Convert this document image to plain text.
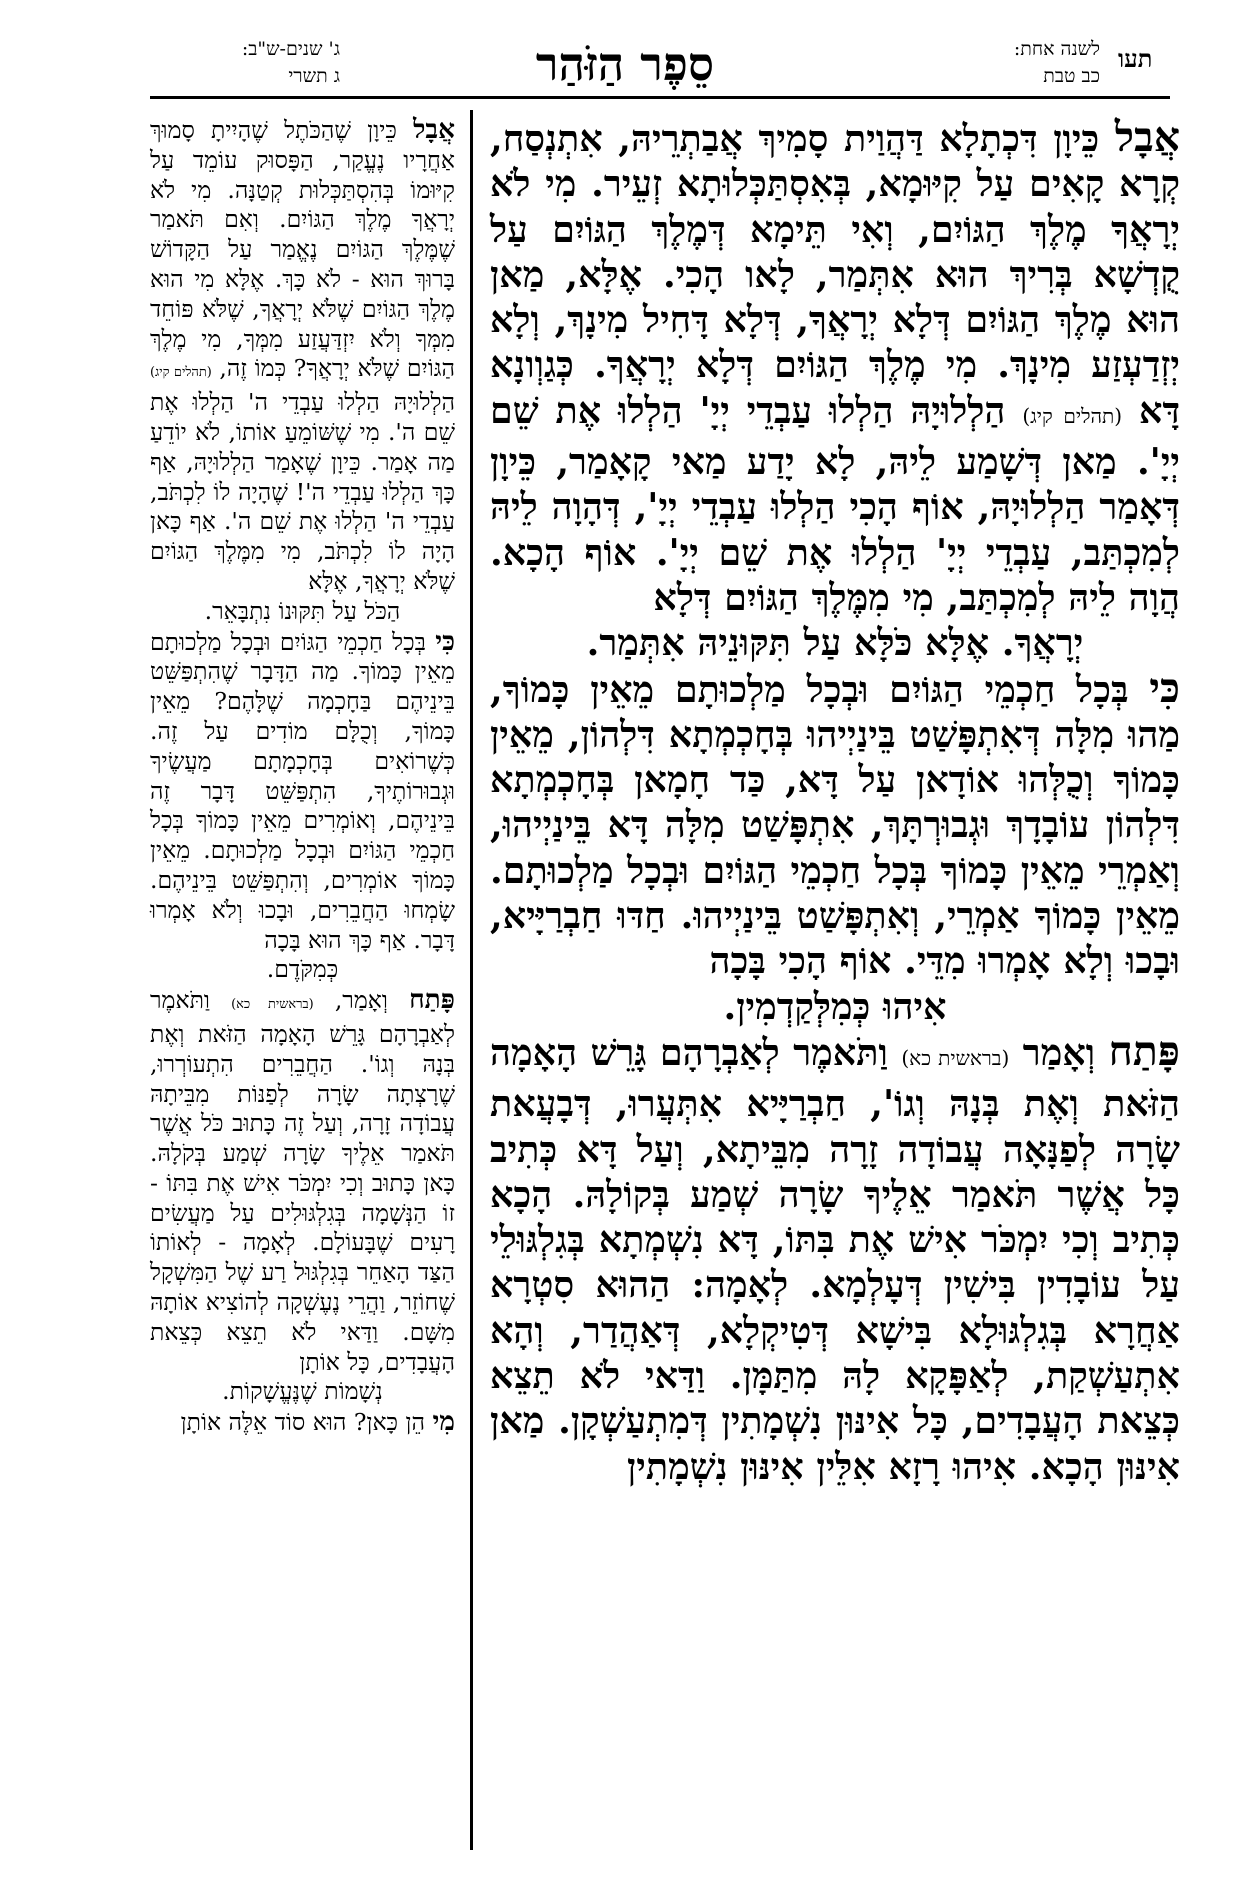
תעו
לשנה אחת:
כב טבת
סֵפֶר הַזֹּהַר
ג' שנים-ש"ב:
ג תשרי

אֲבָל כֵּיוָן דִּכְתָלָא דַּהֲוַית סָמִיךְ אֲבַתְרֵיהּ, אִתְנְסַח, קְרָא קָאִים עַל קִיּוּמָא, בְּאִסְתַּכְּלוּתָא זְעֵיר. מִי לֹא יְרָאֲךָ מֶלֶךְ הַגּוֹיִם, וְאִי תֵּימָא דְּמֶלֶךְ הַגּוֹיִם עַל קֻדְשָׁא בְּרִיךְ הוּא אִתְּמַר, לָאו הָכִי. אֶלָּא, מַאן הוּא מֶלֶךְ הַגּוֹיִם דְּלָא יְרָאֲךָ, דְּלָא דָּחִיל מִינָךְ, וְלָא יְזְדַעְזַע מִינָךְ. מִי מֶלֶךְ הַגּוֹיִם דְּלָא יְרָאֲךָ. כְּגַוְונָא דָּא (תהלים קיג) הַלְלוּיָהּ הַלְלוּ עַבְדֵי יְיָ' הַלְלוּ אֶת שֵׁם יְיָ'. מַאן דְּשָׁמַע לֵיהּ, לָא יָדַע מַאי קָאָמַר, כֵּיוָן דְּאָמַר הַלְלוּיָהּ, אוֹף הָכִי הַלְלוּ עַבְדֵי יְיָ', דְּהָוָה לֵיהּ לְמִכְתַּב, עַבְדֵי יְיָ' הַלְלוּ אֶת שֵׁם יְיָ'. אוֹף הָכָא. הֲוָה לֵיהּ לְמִכְתַּב, מִי מִמֶּלֶךְ הַגּוֹיִם דְּלָא
יְרָאֲךָ. אֶלָּא כֹּלָּא עַל תִּקּוּנֵיהּ אִתְּמַר.

כִּי בְּכָל חַכְמֵי הַגּוֹיִם וּבְכָל מַלְכוּתָם מֵאֵין כָּמוֹךָ, מַהוּ מִלָּה דְּאִתְפָּשַׁט בֵּינַיְיהוּ בְּחָכְמְתָא דִּלְהוֹן, מֵאֵין כָּמוֹךָ וְכֻלְּהוּ אוֹדָאן עַל דָּא, כַּד חָמָאן בְּחָכְמְתָא דִּלְהוֹן עוֹבָדָךְ וּגְבוּרְתָּךְ, אִתְפָּשַׁט מִלָּה דָּא בֵּינַיְיהוּ, וְאַמְרֵי מֵאֵין כָּמוֹךָ בְּכָל חַכְמֵי הַגּוֹיִם וּבְכָל מַלְכוּתָם. מֵאֵין כָּמוֹךָ אַמְרֵי, וְאִתְפָּשַׁט בֵּינַיְיהוּ. חַדּוּ חַבְרַיָּיא, וּבָכוּ וְלָא אָמְרוּ מִדֵּי. אוֹף הָכִי בָּכָה
אִיהוּ כְּמִלְּקַדְמִין.

פָּתַח וְאָמַר (בראשית כא) וַתֹּאמֶר לְאַבְרָהָם גָּרֵשׁ הָאָמָה הַזֹּאת וְאֶת בְּנָהּ וְגוֹ', חַבְרַיָּיא אִתְּעֲרוּ, דְּבָעֲאת שָׂרָה לְפַנָּאָה עֲבוֹדָה זָרָה מִבֵּיתָא, וְעַל דָּא כְּתִיב כָּל אֲשֶׁר תֹּאמַר אֵלֶיךָ שָׂרָה שְׁמַע בְּקוֹלָהּ. הָכָא כְּתִיב וְכִי יִמְכֹּר אִישׁ אֶת בִּתּוֹ, דָּא נִשְׁמְתָא בְּגִלְגּוּלֵי עַל עוֹבָדִין בִּישִׁין דְּעָלְמָא. לְאָמָה: הַהוּא סִטְרָא אַחֲרָא בְּגִלְגּוּלָא בִּישָׁא דְּטִיקְלָא, דְּאַהֲדַר, וְהָא אִתְעַשְׁקַת, לְאַפָּקָא לָהּ מִתַּמָּן. וַדַּאי לֹא תֵצֵא כְּצֵאת הָעֲבָדִים, כָּל אִינּוּן נִשְׁמָתִין דְּמִתְעַשְׁקָן. מַאן אִינּוּן הָכָא. אִיהוּ רָזָא אִלֵּין אִינּוּן נִשְׁמָתִין

אֲבָל כֵּיוָן שֶׁהַכֹּתֶל שֶׁהָיִיתָ סָמוּךְ אַחֲרָיו נֶעֱקַר, הַפָּסוּק עוֹמֵד עַל קִיּוּמוֹ בְּהִסְתַּכְּלוּת קְטַנָּה. מִי לֹא יְרָאֲךָ מֶלֶךְ הַגּוֹיִם. וְאִם תֹּאמַר שֶׁמֶּלֶךְ הַגּוֹיִם נֶאֱמַר עַל הַקָּדוֹשׁ בָּרוּךְ הוּא - לֹא כָּךְ. אֶלָּא מִי הוּא מֶלֶךְ הַגּוֹיִם שֶׁלֹּא יְרָאֲךָ, שֶׁלֹּא פּוֹחֵד מִמְּךָ וְלֹא יִזְדַּעֲזַע מִמְּךָ, מִי מֶלֶךְ הַגּוֹיִם שֶׁלֹּא יְרָאֲךָ? כְּמוֹ זֶה, (תהלים קיג) הַלְלוּיָהּ הַלְלוּ עַבְדֵי ה' הַלְלוּ אֶת שֵׁם ה'. מִי שֶׁשּׁוֹמֵעַ אוֹתוֹ, לֹא יוֹדֵעַ מַה אָמַר. כֵּיוָן שֶׁאָמַר הַלְלוּיָהּ, אַף כָּךְ הַלְלוּ עַבְדֵי ה'! שֶׁהָיָה לוֹ לִכְתֹּב, עַבְדֵי ה' הַלְלוּ אֶת שֵׁם ה'. אַף כָּאן הָיָה לוֹ לִכְתֹּב, מִי מִמֶּלֶךְ הַגּוֹיִם שֶׁלֹּא יְרָאֲךָ, אֶלָּא
הַכֹּל עַל תִּקּוּנוֹ נִתְבָּאֵר.

כִּי בְּכָל חַכְמֵי הַגּוֹיִם וּבְכָל מַלְכוּתָם מֵאֵין כָּמוֹךָ. מַה הַדָּבָר שֶׁהִתְפַּשֵּׁט בֵּינֵיהֶם בַּחָכְמָה שֶׁלָּהֶם? מֵאֵין כָּמוֹךָ, וְכֻלָּם מוֹדִים עַל זֶה. כְּשֶׁרוֹאִים בְּחָכְמָתָם מַעֲשֶׂיךָ וּגְבוּרוֹתֶיךָ, הִתְפַּשֵּׁט דָּבָר זֶה בֵּינֵיהֶם, וְאוֹמְרִים מֵאֵין כָּמוֹךָ בְּכָל חַכְמֵי הַגּוֹיִם וּבְכָל מַלְכוּתָם. מֵאֵין כָּמוֹךָ אוֹמְרִים, וְהִתְפַּשֵּׁט בֵּינֵיהֶם. שָׂמְחוּ הַחֲבֵרִים, וּבָכוּ וְלֹא אָמְרוּ דָּבָר. אַף כָּךְ הוּא בָּכָה
כְּמִקֹּדֶם.

פָּתַח וְאָמַר, (בראשית כא) וַתֹּאמֶר לְאַבְרָהָם גָּרֵשׁ הָאָמָה הַזֹּאת וְאֶת בְּנָהּ וְגוֹ'. הַחֲבֵרִים הִתְעוֹרְרוּ, שֶׁרָצְתָה שָׂרָה לְפַנּוֹת מִבֵּיתָהּ עֲבוֹדָה זָרָה, וְעַל זֶה כָּתוּב כֹּל אֲשֶׁר תֹּאמַר אֵלֶיךָ שָׂרָה שְׁמַע בְּקֹלָהּ. כָּאן כָּתוּב וְכִי יִמְכֹּר אִישׁ אֶת בִּתּוֹ - זוֹ הַנְּשָׁמָה בְּגִלְגּוּלִים עַל מַעֲשִׂים רָעִים שֶׁבָּעוֹלָם. לְאָמָה - לְאוֹתוֹ הַצַּד הָאַחֵר בְּגִלְגּוּל רַע שֶׁל הַמִּשְׁקָל שֶׁחוֹזֵר, וַהֲרֵי נֶעֶשְׁקָה לְהוֹצִיא אוֹתָהּ מִשָּׁם. וַדַּאי לֹא תֵצֵא כְּצֵאת הָעֲבָדִים, כָּל אוֹתָן
נְשָׁמוֹת שֶׁנֶּעֱשָׁקוֹת.

מִי הֵן כָּאן? הוּא סוֹד אֵלֶּה אוֹתָן
